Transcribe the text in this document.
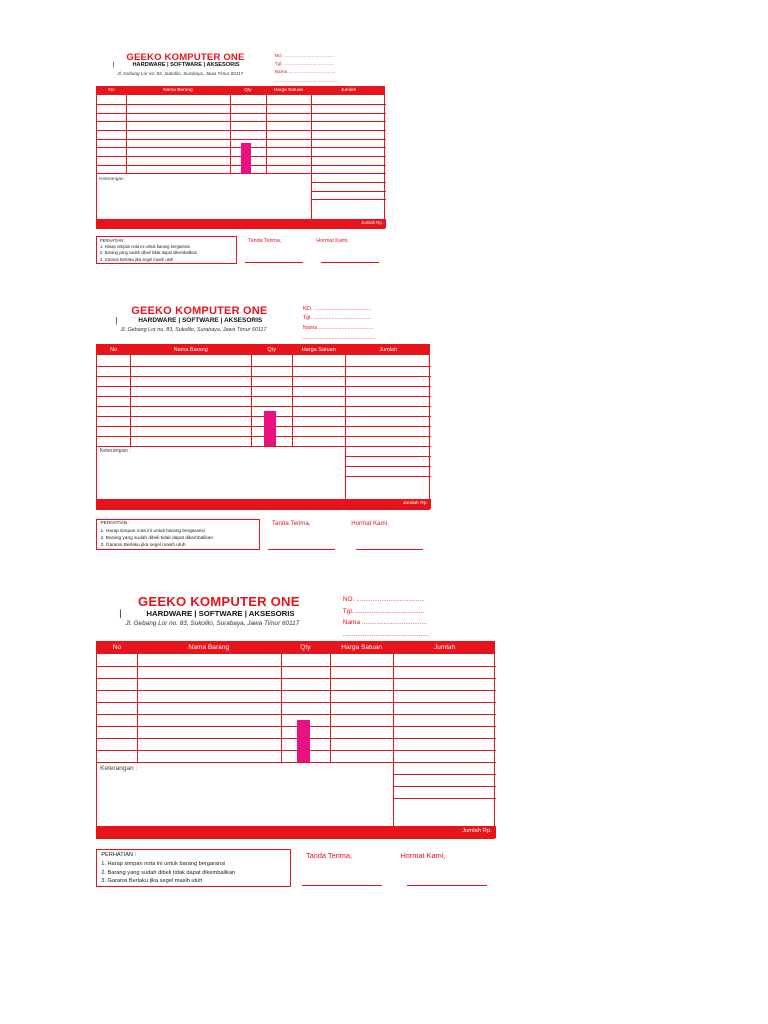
GEEKO KOMPUTER ONE
|	HARDWARE | SOFTWARE | AKSESORIS
Jl. Gebang Lor no. 83, Sukolilo, Surabaya, Jawa Timur 60117
NO. ......................................
Tgl. ......................................
Nama ....................................
................................................
No	Nama Barang	Qty	Harga Satuan	Jumlah
Keterangan :
Jumlah Rp.
PERHATIAN :
1. Harap simpan nota ini untuk barang bergaransi
2. Barang yang sudah dibeli tidak dapat dikembalikan
3. Garansi Berlaku jika segel masih utuh
Tanda Terima,	Hormat Kami,
GEEKO KOMPUTER ONE
|	HARDWARE | SOFTWARE | AKSESORIS
Jl. Gebang Lor no. 83, Sukolilo, Surabaya, Jawa Timur 60117
NO. ......................................
Tgl. ......................................
Nama ....................................
................................................
No	Nama Barang	Qty	Harga Satuan	Jumlah
Keterangan :
Jumlah Rp.
PERHATIAN :
1. Harap simpan nota ini untuk barang bergaransi
2. Barang yang sudah dibeli tidak dapat dikembalikan
3. Garansi Berlaku jika segel masih utuh
Tanda Terima,	Hormat Kami,
GEEKO KOMPUTER ONE
|	HARDWARE | SOFTWARE | AKSESORIS
Jl. Gebang Lor no. 83, Sukolilo, Surabaya, Jawa Timur 60117
NO. ......................................
Tgl. ......................................
Nama ....................................
................................................
No	Nama Barang	Qty	Harga Satuan	Jumlah
Keterangan :
Jumlah Rp.
PERHATIAN :
1. Harap simpan nota ini untuk barang bergaransi
2. Barang yang sudah dibeli tidak dapat dikembalikan
3. Garansi Berlaku jika segel masih utuh
Tanda Terima,	Hormat Kami,
